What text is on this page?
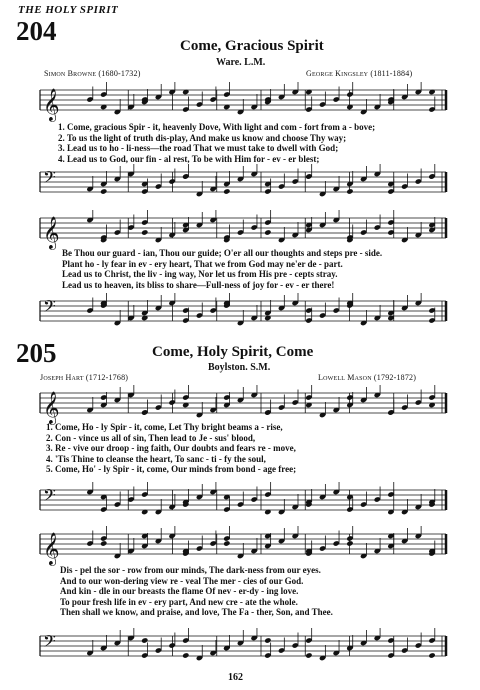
THE HOLY SPIRIT
204	Come, Gracious Spirit
Ware. L.M.
Simon Browne (1680-1732)	George Kingsley (1811-1884)
𝄞
1. Come, gracious Spir - it, heavenly Dove, With light and com - fort from a - bove;
2. To us the light of truth dis-play, And make us know and choose Thy way;
3. Lead us to ho - li-ness—the road That we must take to dwell with God;
4. Lead us to God, our fin - al rest, To be with Him for - ev - er blest;
𝄢
𝄞
Be Thou our guard - ian, Thou our guide; O'er all our thoughts and steps pre - side.
Plant ho - ly fear in ev - ery heart, That we from God may ne'er de - part.
Lead us to Christ, the liv - ing way, Nor let us from His pre - cepts stray.
Lead us to heaven, its bliss to share—Full-ness of joy for - ev - er there!
𝄢
205	Come, Holy Spirit, Come
Boylston. S.M.
Joseph Hart (1712-1768)	Lowell Mason (1792-1872)
𝄞
1. Come, Ho - ly Spir - it, come, Let Thy bright beams a - rise,
2. Con - vince us all of sin, Then lead to Je - sus' blood,
3. Re - vive our droop - ing faith, Our doubts and fears re - move,
4. 'Tis Thine to cleanse the heart, To sanc - ti - fy the soul,
5. Come, Ho' - ly Spir - it, come, Our minds from bond - age free;
𝄢
𝄞
Dis - pel the sor - row from our minds, The dark-ness from our eyes.
And to our won-dering view re - veal The mer - cies of our God.
And kin - dle in our breasts the flame Of nev - er-dy - ing love.
To pour fresh life in ev - ery part, And new cre - ate the whole.
Then shall we know, and praise, and love, The Fa - ther, Son, and Thee.
𝄢
162
